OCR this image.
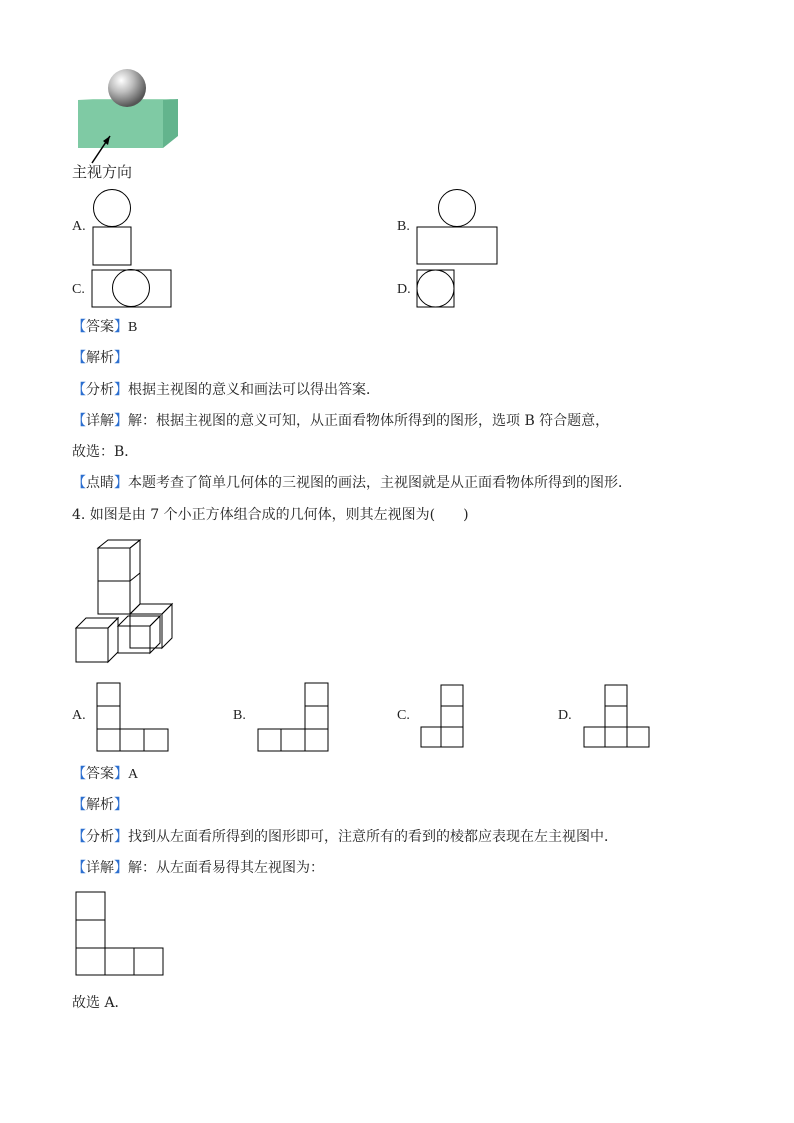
主视方向
A.	B.
C.	D.
【答案】B
【解析】
【分析】根据主视图的意义和画法可以得出答案．
【详解】解：根据主视图的意义可知，从正面看物体所得到的图形，选项 B 符合题意，
故选：B．
【点睛】本题考查了简单几何体的三视图的画法，主视图就是从正面看物体所得到的图形．
4. 如图是由 7 个小正方体组合成的几何体，则其左视图为(　　)
A.	B.	C.	D.
【答案】A
【解析】
【分析】找到从左面看所得到的图形即可，注意所有的看到的棱都应表现在左主视图中．
【详解】解：从左面看易得其左视图为：
故选 A．
